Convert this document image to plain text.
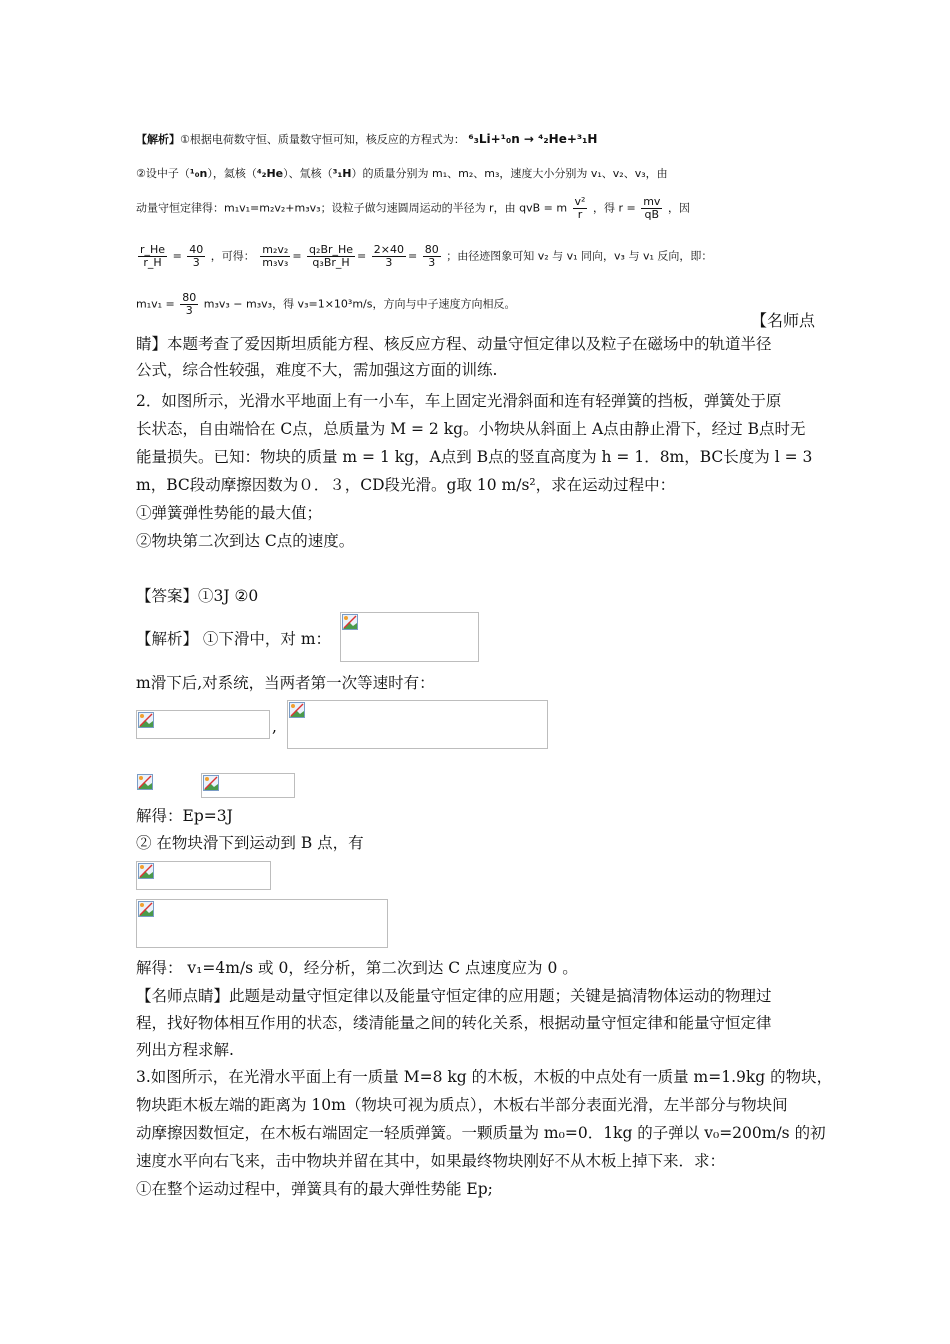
【解析】①根据电荷数守恒、质量数守恒可知，核反应的方程式为： ⁶₃Li+¹₀n → ⁴₂He+³₁H
②设中子（¹₀n），氦核（⁴₂He）、氚核（³₁H）的质量分别为 m₁、m₂、m₃，速度大小分别为 v₁、v₂、v₃，由
动量守恒定律得：m₁v₁=m₂v₂+m₃v₃；设粒子做匀速圆周运动的半径为 r，由 qvB = m $\frac{\text{v²}}{r}$ ，得 $r = \frac{mv}{qB}$ ，因
$\frac{r\_He}{r\_H} = \frac{40}{3}$ ，可得： $\frac{\text{m₂v₂}}{\text{m₃v₃}} = \frac{\text{q₂Br\_He}}{\text{q₃Br\_H}} = \frac{2\times 40}{3} = \frac{80}{3}$ ；由径迹图象可知 v₂ 与 v₁ 同向，v₃ 与 v₁ 反向，即：
$m_1v_1 = \frac{80}{3} m_3v_3 - m_3v_3$，得 v₃=1×10³m/s，方向与中子速度方向相反。
【名师点
睛】本题考查了爱因斯坦质能方程、核反应方程、动量守恒定律以及粒子在磁场中的轨道半径
公式，综合性较强，难度不大，需加强这方面的训练.
2．如图所示，光滑水平地面上有一小车，车上固定光滑斜面和连有轻弹簧的挡板，弹簧处于原
长状态，自由端恰在 C点，总质量为 M = 2 kg。小物块从斜面上 A点由静止滑下，经过 B点时无
能量损失。已知：物块的质量 m = 1 kg，A点到 B点的竖直高度为 h = 1．8m，BC长度为 l = 3
m，BC段动摩擦因数为０．３，CD段光滑。g取 10 m/s²，求在运动过程中：
①弹簧弹性势能的最大值；
②物块第二次到达 C点的速度。
【答案】①3J ②0
【解析】 ①下滑中，对 m：
m滑下后,对系统，当两者第一次等速时有：
,
解得：Ep=3J
② 在物块滑下到运动到 B 点，有
解得： v₁=4m/s 或 0，经分析，第二次到达 C 点速度应为 0 。
【名师点睛】此题是动量守恒定律以及能量守恒定律的应用题；关键是搞清物体运动的物理过
程，找好物体相互作用的状态，缕清能量之间的转化关系，根据动量守恒定律和能量守恒定律
列出方程求解.
3.如图所示，在光滑水平面上有一质量 M=8 kg 的木板，木板的中点处有一质量 m=1.9kg 的物块，
物块距木板左端的距离为 10m（物块可视为质点），木板右半部分表面光滑，左半部分与物块间
动摩擦因数恒定，在木板右端固定一轻质弹簧。一颗质量为 m₀=0．1kg 的子弹以 v₀=200m/s 的初
速度水平向右飞来，击中物块并留在其中，如果最终物块刚好不从木板上掉下来．求：
①在整个运动过程中，弹簧具有的最大弹性势能 Ep;
